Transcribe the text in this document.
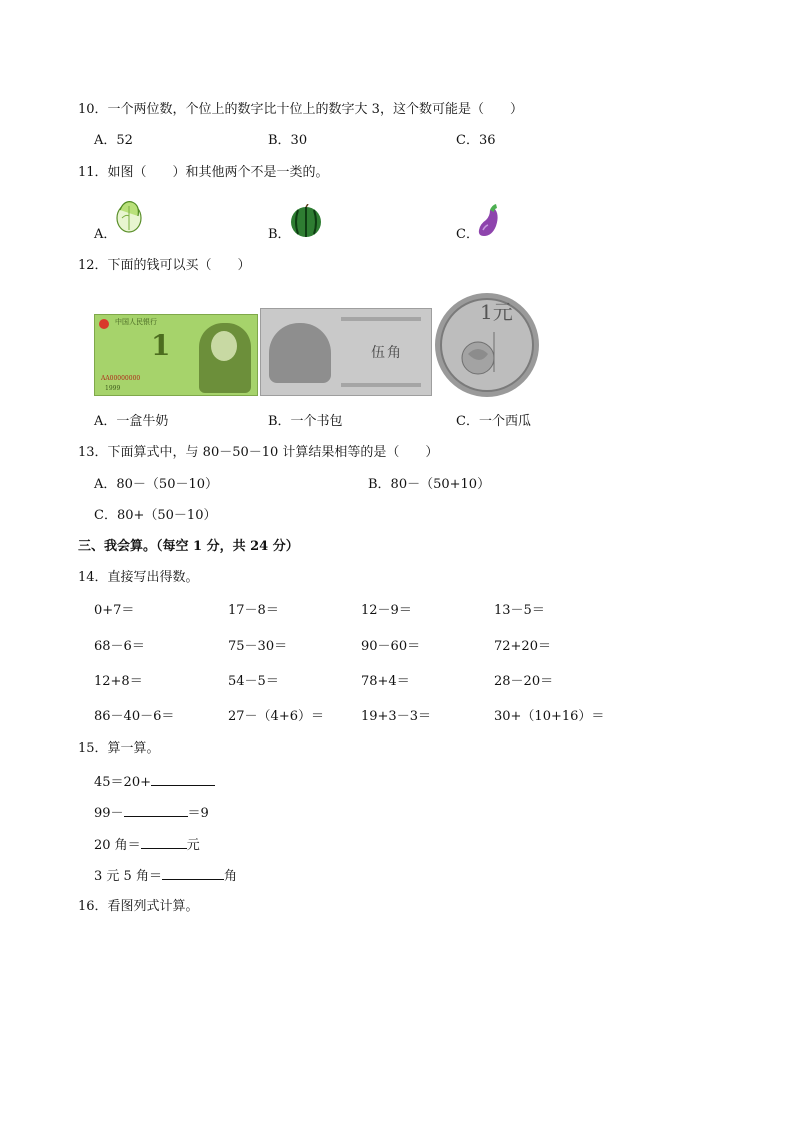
10．一个两位数，个位上的数字比十位上的数字大 3，这个数可能是（　　）
A．52	B．30	C．36
11．如图（　　）和其他两个不是一类的。
A．	B．	C．
12．下面的钱可以买（　　）
中国人民银行
1
AA00000000
1999
伍角
1元
A．一盒牛奶	B．一个书包	C．一个西瓜
13．下面算式中，与 80－50－10 计算结果相等的是（　　）
A．80－（50－10）	B．80－（50+10）
C．80+（50－10）
三、我会算。（每空 1 分，共 24 分）
14．直接写出得数。
0+7＝	17－8＝	12－9＝	13－5＝
68－6＝	75－30＝	90－60＝	72+20＝
12+8＝	54－5＝	78+4＝	28－20＝
86－40－6＝	27－（4+6）＝	19+3－3＝	30+（10+16）＝
15．算一算。
45＝20+
99－	＝9
20 角＝	元
3 元 5 角＝	角
16．看图列式计算。
